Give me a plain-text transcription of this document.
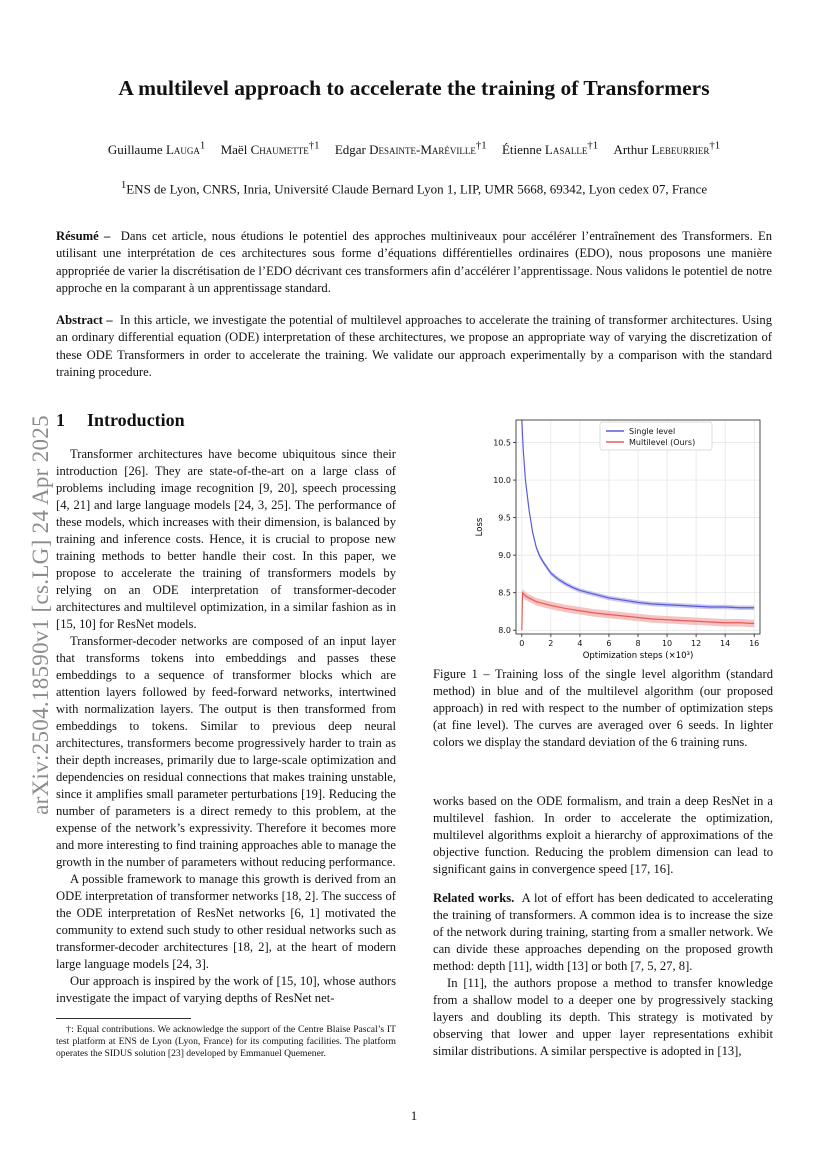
arXiv:2504.18590v1 [cs.LG] 24 Apr 2025
A multilevel approach to accelerate the training of Transformers
Guillaume Lauga$^1$ Maël Chaumette$^{\dagger 1}$ Edgar Desainte-Maréville$^{\dagger 1}$ Étienne Lasalle$^{\dagger 1}$ Arthur Lebeurrier$^{\dagger 1}$
$^1$ENS de Lyon, CNRS, Inria, Université Claude Bernard Lyon 1, LIP, UMR 5668, 69342, Lyon cedex 07, France
Résumé – Dans cet article, nous étudions le potentiel des approches multiniveaux pour accélérer l’entraînement des Transformers. En utilisant une interprétation de ces architectures sous forme d’équations différentielles ordinaires (EDO), nous proposons une manière appropriée de varier la discrétisation de l’EDO décrivant ces transformers afin d’accélérer l’apprentissage. Nous validons le potentiel de notre approche en la comparant à un apprentissage standard.
Abstract – In this article, we investigate the potential of multilevel approaches to accelerate the training of transformer architectures. Using an ordinary differential equation (ODE) interpretation of these architectures, we propose an appropriate way of varying the discretization of these ODE Transformers in order to accelerate the training. We validate our approach experimentally by a comparison with the standard training procedure.
1 Introduction

Transformer architectures have become ubiquitous since their introduction [26]. They are state-of-the-art on a large class of problems including image recognition [9, 20], speech processing [4, 21] and large language models [24, 3, 25]. The performance of these models, which increases with their dimension, is balanced by training and inference costs. Hence, it is crucial to propose new training methods to better handle their cost. In this paper, we propose to accelerate the training of transformers models by relying on an ODE interpretation of transformer-decoder architectures and multilevel optimization, in a similar fashion as in [15, 10] for ResNet models.

Transformer-decoder networks are composed of an input layer that transforms tokens into embeddings and passes these embeddings to a sequence of transformer blocks which are attention layers followed by feed-forward networks, intertwined with normalization layers. The output is then transformed from embeddings to tokens. Similar to previous deep neural architectures, transformers become progressively harder to train as their depth increases, primarily due to large-scale optimization and dependencies on residual connections that makes training unstable, since it amplifies small parameter perturbations [19]. Reducing the number of parameters is a direct remedy to this problem, at the expense of the network’s expressivity. Therefore it becomes more and more interesting to find training approaches able to manage the growth in the number of parameters without reducing performance.

A possible framework to manage this growth is derived from an ODE interpretation of transformer networks [18, 2]. The success of the ODE interpretation of ResNet networks [6, 1] motivated the community to extend such study to other residual networks such as transformer-decoder architectures [18, 2], at the heart of modern large language models [24, 3].

Our approach is inspired by the work of [15, 10], whose authors investigate the impact of varying depths of ResNet net-

†: Equal contributions. We acknowledge the support of the Centre Blaise Pascal’s IT test platform at ENS de Lyon (Lyon, France) for its computing facilities. The platform operates the SIDUS solution [23] developed by Emmanuel Quemener.
0	2	4	6	8	10 12 14 16
8.0
8.5
9.0
9.5
10.0
10.5
Optimization steps (×10³)
Loss
Single level
Multilevel (Ours)
Figure 1 – Training loss of the single level algorithm (standard method) in blue and of the multilevel algorithm (our proposed approach) in red with respect to the number of optimization steps (at fine level). The curves are averaged over 6 seeds. In lighter colors we display the standard deviation of the 6 training runs.

works based on the ODE formalism, and train a deep ResNet in a multilevel fashion. In order to accelerate the optimization, multilevel algorithms exploit a hierarchy of approximations of the objective function. Reducing the problem dimension can lead to significant gains in convergence speed [17, 16].

Related works. A lot of effort has been dedicated to accelerating the training of transformers. A common idea is to increase the size of the network during training, starting from a smaller network. We can divide these approaches depending on the proposed growth method: depth [11], width [13] or both [7, 5, 27, 8].

In [11], the authors propose a method to transfer knowledge from a shallow model to a deeper one by progressively stacking layers and doubling its depth. This strategy is motivated by observing that lower and upper layer representations exhibit similar distributions. A similar perspective is adopted in [13],

1
